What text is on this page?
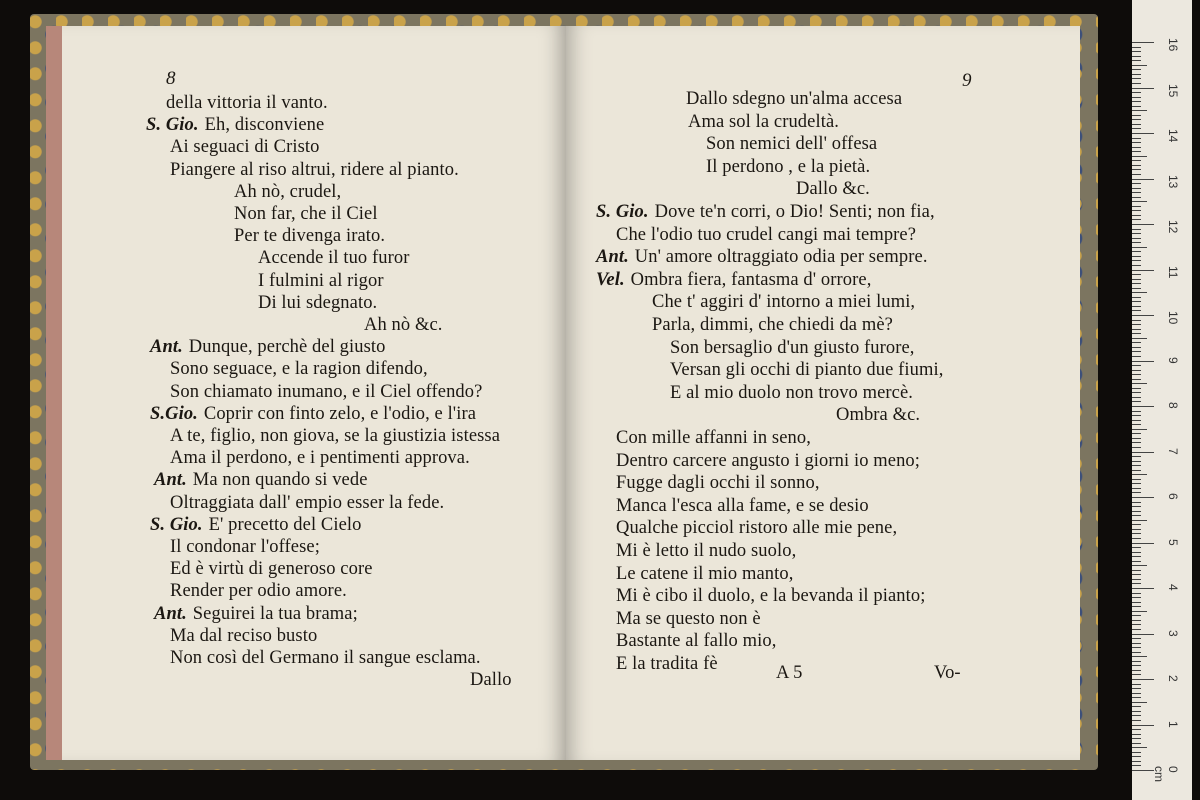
8
della vittoria il vanto.
S. Gio. Eh, disconviene
Ai seguaci di Cristo
Piangere al riso altrui, ridere al pianto.
Ah nò, crudel,
Non far, che il Ciel
Per te divenga irato.
Accende il tuo furor
I fulmini al rigor
Di lui sdegnato.
Ah nò &c.
Ant. Dunque, perchè del giusto
Sono seguace, e la ragion difendo,
Son chiamato inumano, e il Ciel offendo?
S.Gio. Coprir con finto zelo, e l'odio, e l'ira
A te, figlio, non giova, se la giustizia istessa
Ama il perdono, e i pentimenti approva.
Ant. Ma non quando si vede
Oltraggiata dall' empio esser la fede.
S. Gio. E' precetto del Cielo
Il condonar l'offese;
Ed è virtù di generoso core
Render per odio amore.
Ant. Seguirei la tua brama;
Ma dal reciso busto
Non così del Germano il sangue esclama.
Dallo
9
Dallo sdegno un'alma accesa
Ama sol la crudeltà.
Son nemici dell' offesa
Il perdono , e la pietà.
Dallo &c.
S. Gio. Dove te'n corri, o Dio! Senti; non fia,
Che l'odio tuo crudel cangi mai tempre?
Ant. Un' amore oltraggiato odia per sempre.
Vel. Ombra fiera, fantasma d' orrore,
Che t' aggiri d' intorno a miei lumi,
Parla, dimmi, che chiedi da mè?
Son bersaglio d'un giusto furore,
Versan gli occhi di pianto due fiumi,
E al mio duolo non trovo mercè.
Ombra &c.
Con mille affanni in seno,
Dentro carcere angusto i giorni io meno;
Fugge dagli occhi il sonno,
Manca l'esca alla fame, e se desio
Qualche picciol ristoro alle mie pene,
Mi è letto il nudo suolo,
Le catene il mio manto,
Mi è cibo il duolo, e la bevanda il pianto;
Ma se questo non è
Bastante al fallo mio,
E la tradita fè	A 5	Vo-
0 cm
1
2
3
4
5
6
7
8
9
10
11
12
13
14
15
16
